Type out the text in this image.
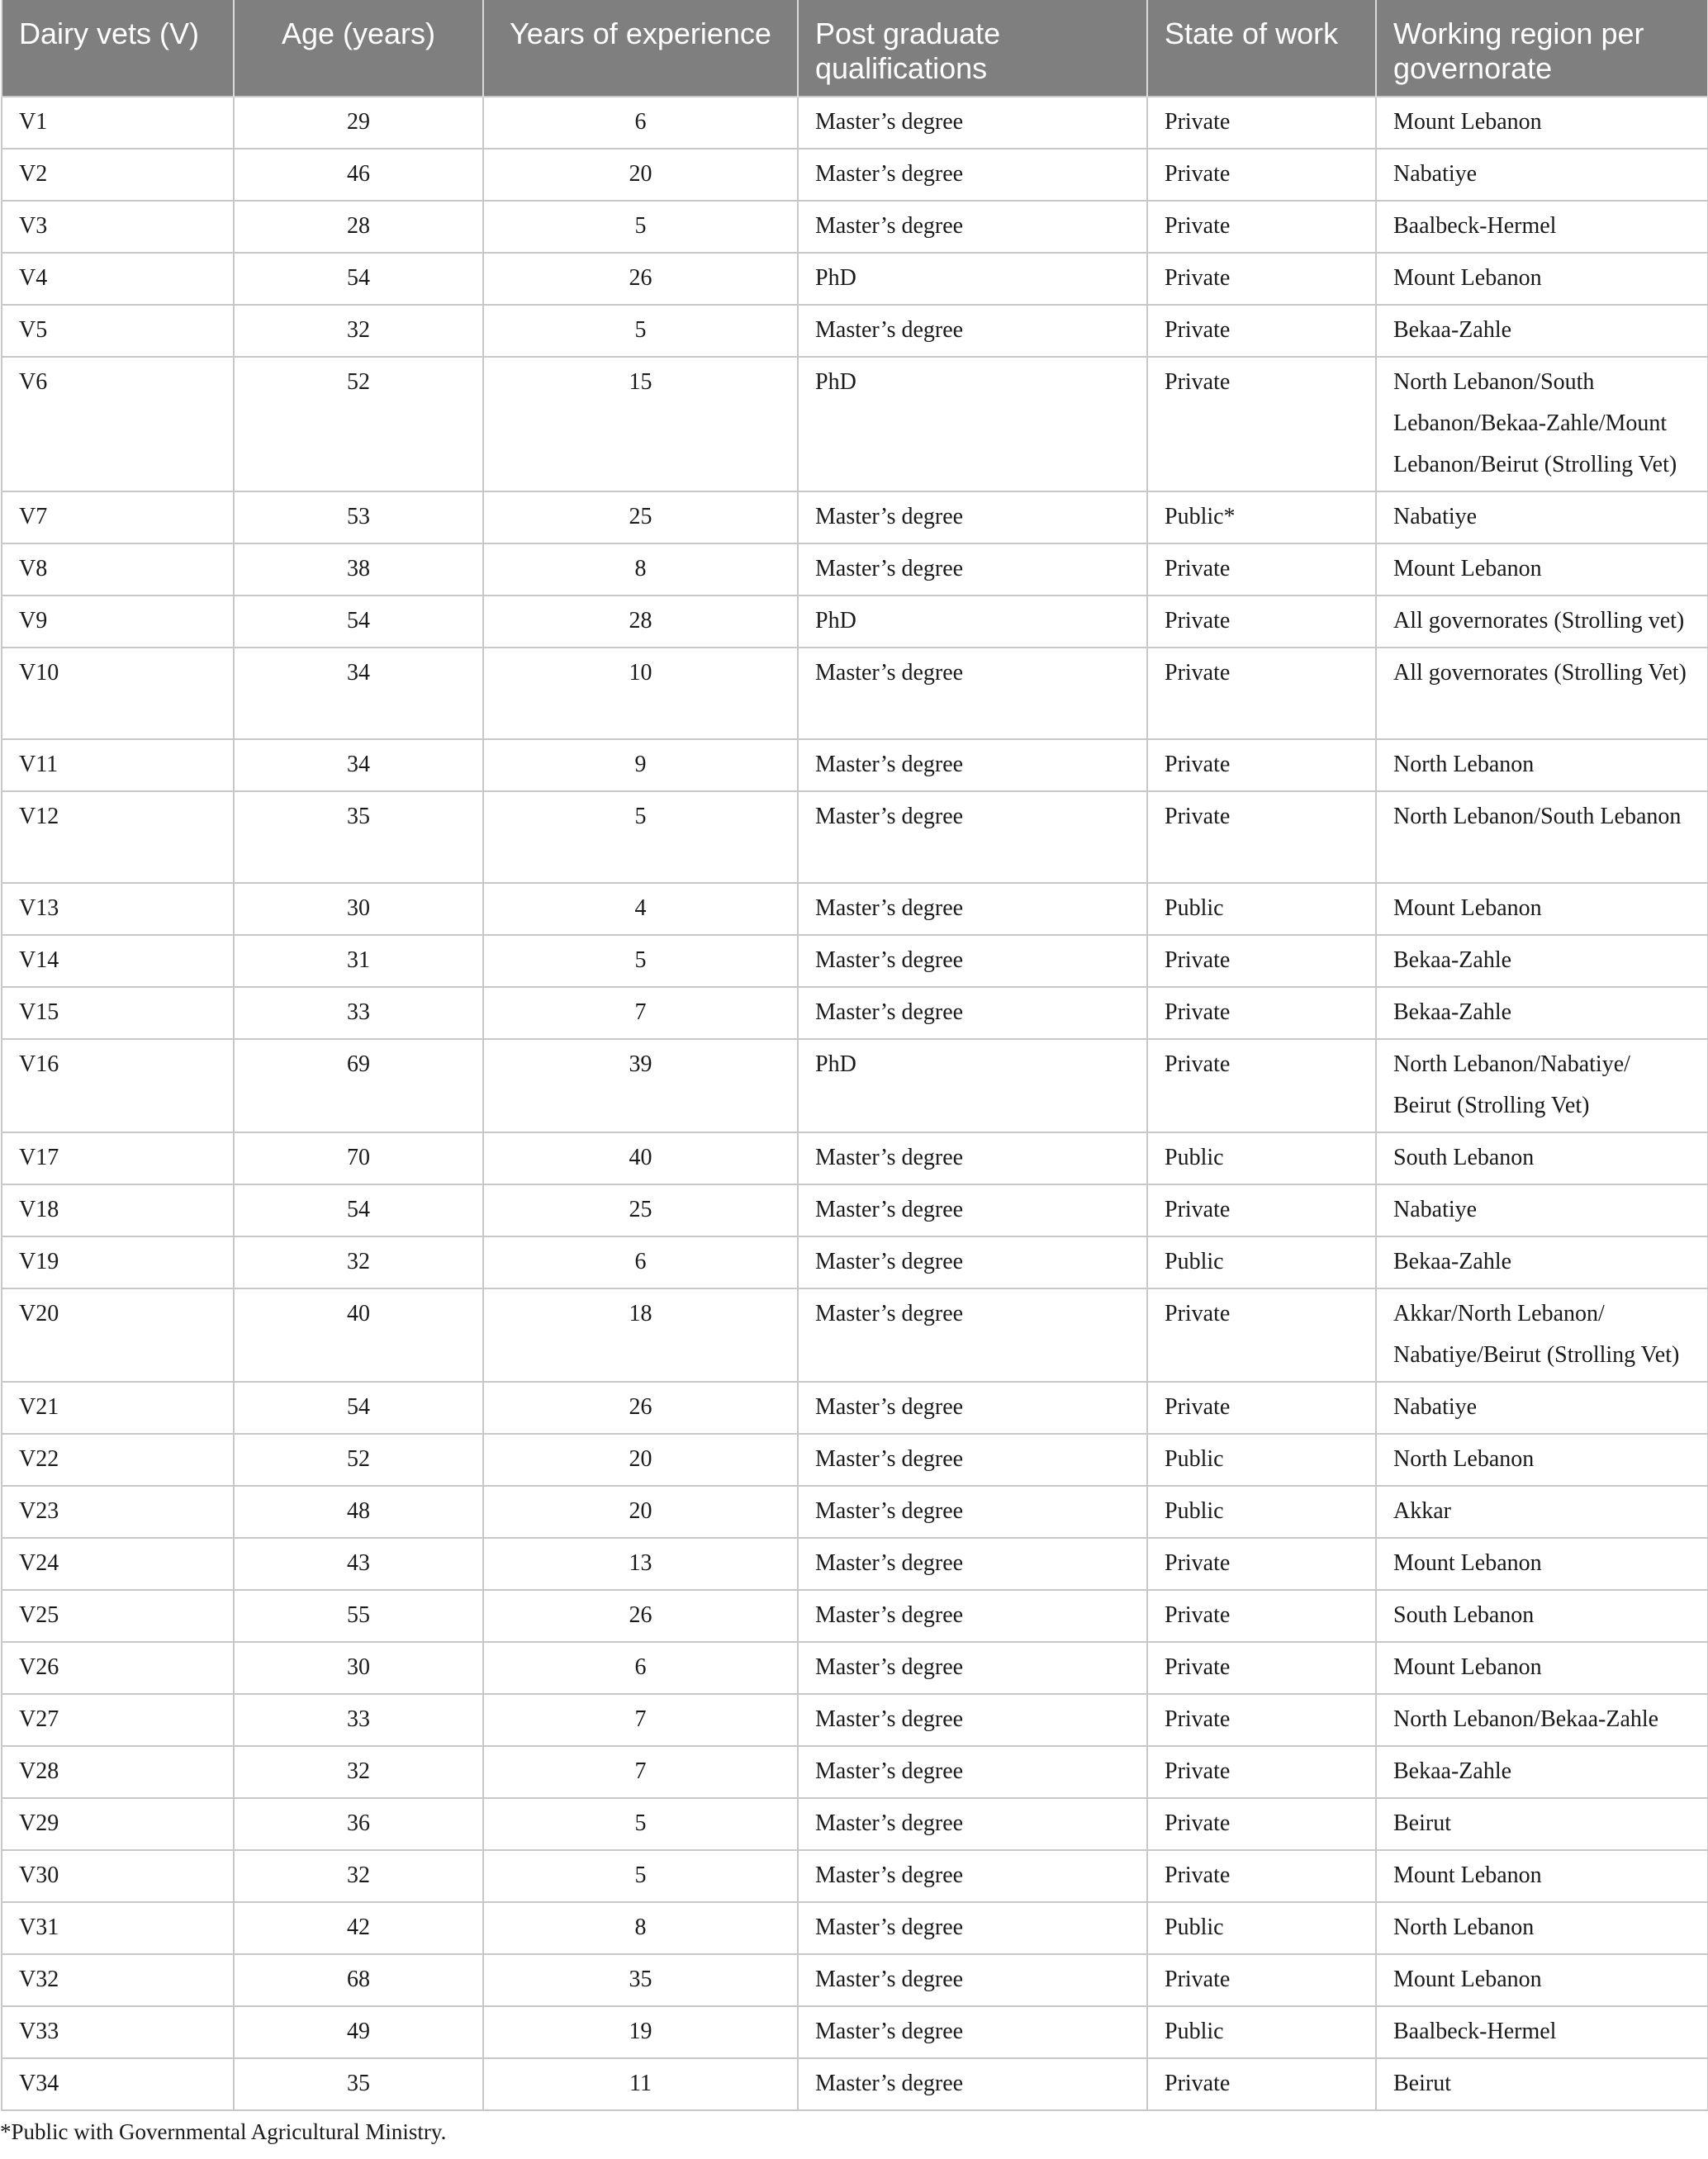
Dairy vets (V)	Age (years)	Years of experience	Post graduate qualifications	State of work	Working region per governorate
V1	29	6	Master’s degree	Private	Mount Lebanon
V2	46	20	Master’s degree	Private	Nabatiye
V3	28	5	Master’s degree	Private	Baalbeck-Hermel
V4	54	26	PhD	Private	Mount Lebanon
V5	32	5	Master’s degree	Private	Bekaa-Zahle
V6	52	15	PhD	Private	North Lebanon/South Lebanon/Bekaa-Zahle/Mount Lebanon/Beirut (Strolling Vet)
V7	53	25	Master’s degree	Public*	Nabatiye
V8	38	8	Master’s degree	Private	Mount Lebanon
V9	54	28	PhD	Private	All governorates (Strolling vet)
V10	34	10	Master’s degree	Private	All governorates (Strolling Vet)
V11	34	9	Master’s degree	Private	North Lebanon
V12	35	5	Master’s degree	Private	North Lebanon/South Lebanon
V13	30	4	Master’s degree	Public	Mount Lebanon
V14	31	5	Master’s degree	Private	Bekaa-Zahle
V15	33	7	Master’s degree	Private	Bekaa-Zahle
V16	69	39	PhD	Private	North Lebanon/Nabatiye/ Beirut (Strolling Vet)
V17	70	40	Master’s degree	Public	South Lebanon
V18	54	25	Master’s degree	Private	Nabatiye
V19	32	6	Master’s degree	Public	Bekaa-Zahle
V20	40	18	Master’s degree	Private	Akkar/North Lebanon/ Nabatiye/Beirut (Strolling Vet)
V21	54	26	Master’s degree	Private	Nabatiye
V22	52	20	Master’s degree	Public	North Lebanon
V23	48	20	Master’s degree	Public	Akkar
V24	43	13	Master’s degree	Private	Mount Lebanon
V25	55	26	Master’s degree	Private	South Lebanon
V26	30	6	Master’s degree	Private	Mount Lebanon
V27	33	7	Master’s degree	Private	North Lebanon/Bekaa-Zahle
V28	32	7	Master’s degree	Private	Bekaa-Zahle
V29	36	5	Master’s degree	Private	Beirut
V30	32	5	Master’s degree	Private	Mount Lebanon
V31	42	8	Master’s degree	Public	North Lebanon
V32	68	35	Master’s degree	Private	Mount Lebanon
V33	49	19	Master’s degree	Public	Baalbeck-Hermel
V34	35	11	Master’s degree	Private	Beirut
*Public with Governmental Agricultural Ministry.
